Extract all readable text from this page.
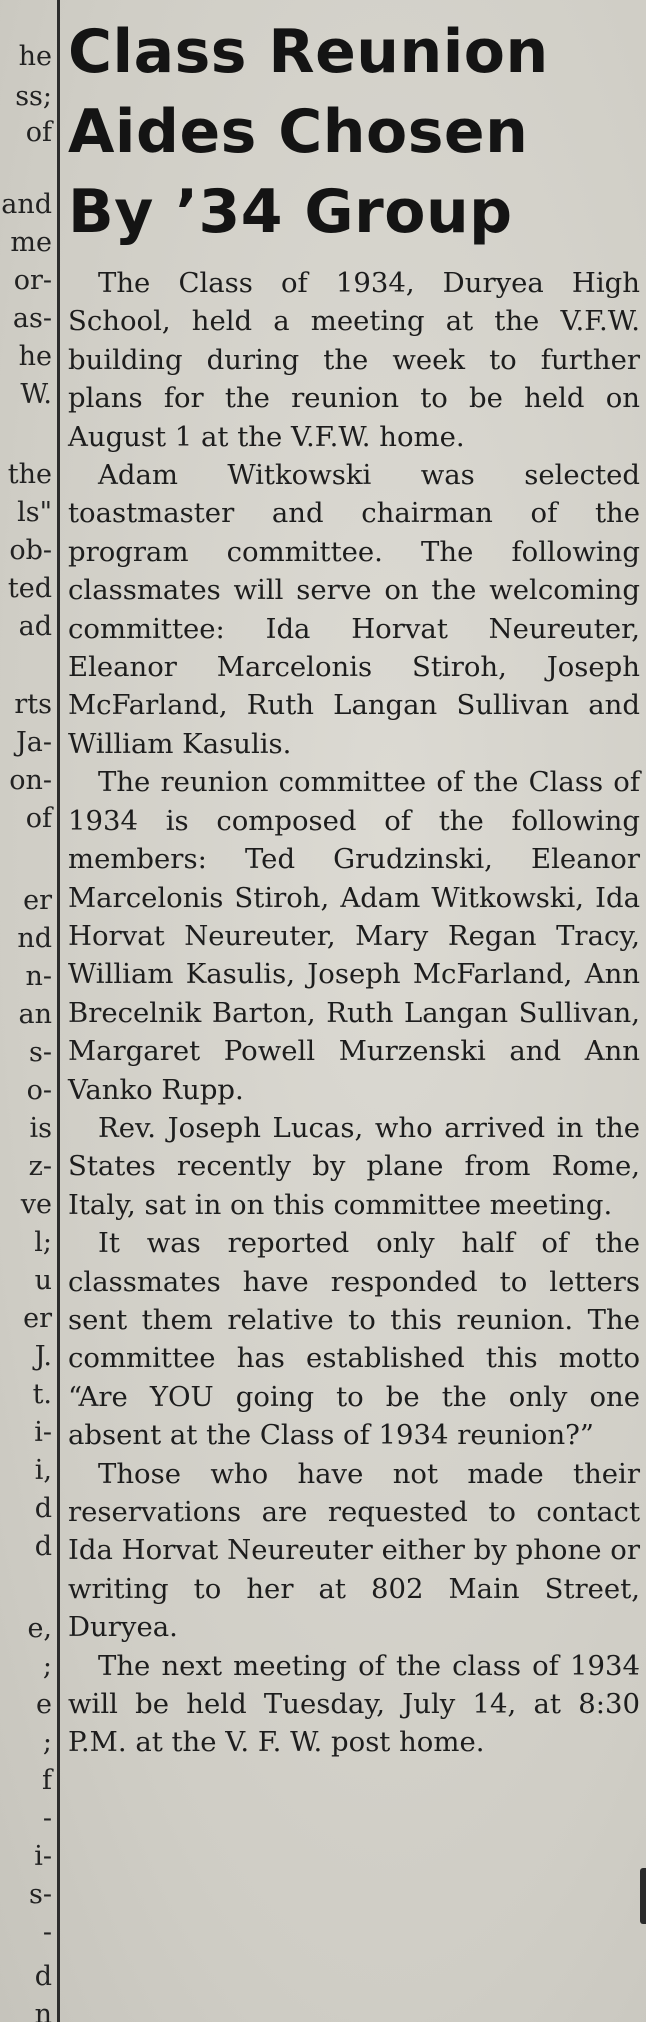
he
ss;
of
and
me
or-
as-
he
W.
the
ls"
ob-
ted
ad
rts
Ja-
on-
of
er
nd
n-
an
s-
o-
is
z-
ve
l;
u
er
J.
t.
i-
i,
d
d
e,
;
e
;
f
-
i-
s-
-
d
n
Class Reunion
Aides Chosen
By ’34 Group

The Class of 1934, Duryea High School, held a meeting at the V.F.W. building during the week to further plans for the reunion to be held on August 1 at the V.F.W. home.

Adam Witkowski was selected toastmaster and chairman of the program committee. The following classmates will serve on the welcoming committee: Ida Horvat Neureuter, Eleanor Marcelonis Stiroh, Joseph McFarland, Ruth Langan Sullivan and William Kasulis.

The reunion committee of the Class of 1934 is composed of the following members: Ted Grudzinski, Eleanor Marcelonis Stiroh, Adam Witkowski, Ida Horvat Neureuter, Mary Regan Tracy, William Kasulis, Joseph McFarland, Ann Brecelnik Barton, Ruth Langan Sullivan, Margaret Powell Murzenski and Ann Vanko Rupp.

Rev. Joseph Lucas, who arrived in the States recently by plane from Rome, Italy, sat in on this committee meeting.

It was reported only half of the classmates have responded to letters sent them relative to this reunion. The committee has established this motto “Are YOU going to be the only one absent at the Class of 1934 reunion?”

Those who have not made their reservations are requested to contact Ida Horvat Neureuter either by phone or writing to her at 802 Main Street, Duryea.

The next meeting of the class of 1934 will be held Tuesday, July 14, at 8:30 P.M. at the V. F. W. post home.
